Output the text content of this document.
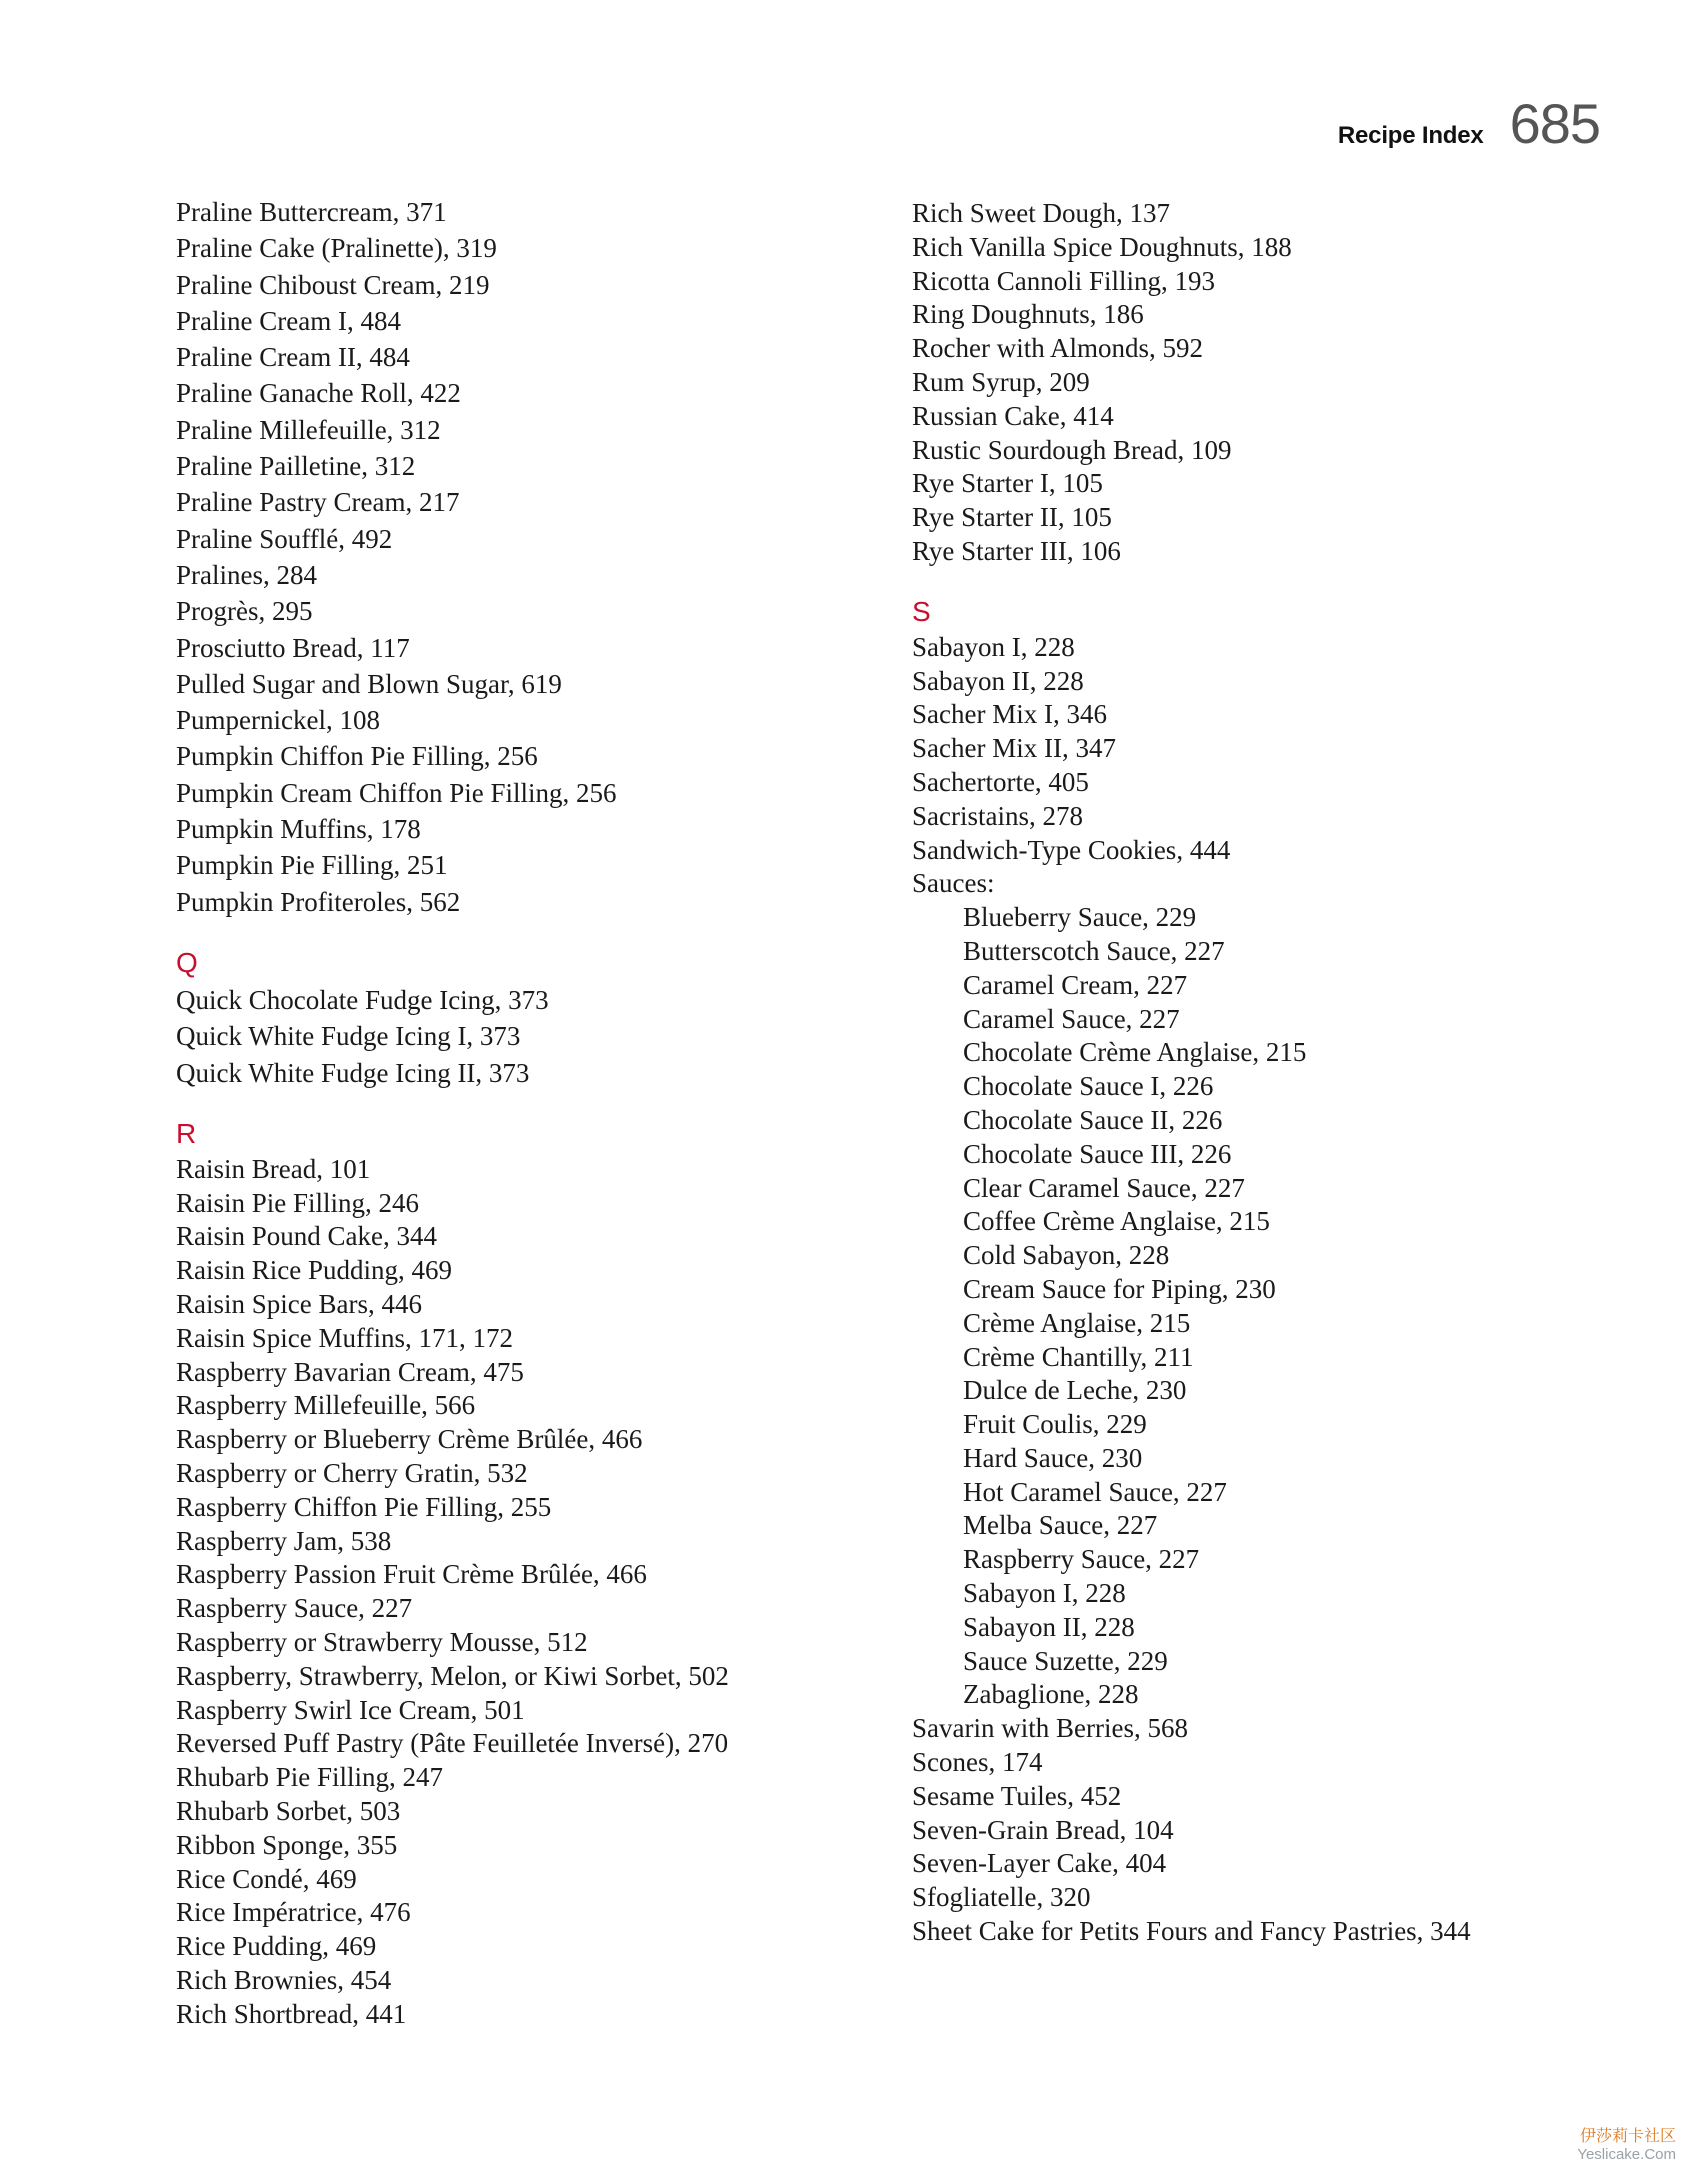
Recipe Index 685
Praline Buttercream, 371
Praline Cake (Pralinette), 319
Praline Chiboust Cream, 219
Praline Cream I, 484
Praline Cream II, 484
Praline Ganache Roll, 422
Praline Millefeuille, 312
Praline Pailletine, 312
Praline Pastry Cream, 217
Praline Soufflé, 492
Pralines, 284
Progrès, 295
Prosciutto Bread, 117
Pulled Sugar and Blown Sugar, 619
Pumpernickel, 108
Pumpkin Chiffon Pie Filling, 256
Pumpkin Cream Chiffon Pie Filling, 256
Pumpkin Muffins, 178
Pumpkin Pie Filling, 251
Pumpkin Profiteroles, 562
Q
Quick Chocolate Fudge Icing, 373
Quick White Fudge Icing I, 373
Quick White Fudge Icing II, 373
R
Raisin Bread, 101
Raisin Pie Filling, 246
Raisin Pound Cake, 344
Raisin Rice Pudding, 469
Raisin Spice Bars, 446
Raisin Spice Muffins, 171, 172
Raspberry Bavarian Cream, 475
Raspberry Millefeuille, 566
Raspberry or Blueberry Crème Brûlée, 466
Raspberry or Cherry Gratin, 532
Raspberry Chiffon Pie Filling, 255
Raspberry Jam, 538
Raspberry Passion Fruit Crème Brûlée, 466
Raspberry Sauce, 227
Raspberry or Strawberry Mousse, 512
Raspberry, Strawberry, Melon, or Kiwi Sorbet, 502
Raspberry Swirl Ice Cream, 501
Reversed Puff Pastry (Pâte Feuilletée Inversé), 270
Rhubarb Pie Filling, 247
Rhubarb Sorbet, 503
Ribbon Sponge, 355
Rice Condé, 469
Rice Impératrice, 476
Rice Pudding, 469
Rich Brownies, 454
Rich Shortbread, 441
Rich Sweet Dough, 137
Rich Vanilla Spice Doughnuts, 188
Ricotta Cannoli Filling, 193
Ring Doughnuts, 186
Rocher with Almonds, 592
Rum Syrup, 209
Russian Cake, 414
Rustic Sourdough Bread, 109
Rye Starter I, 105
Rye Starter II, 105
Rye Starter III, 106
S
Sabayon I, 228
Sabayon II, 228
Sacher Mix I, 346
Sacher Mix II, 347
Sachertorte, 405
Sacristains, 278
Sandwich-Type Cookies, 444
Sauces:
Blueberry Sauce, 229
Butterscotch Sauce, 227
Caramel Cream, 227
Caramel Sauce, 227
Chocolate Crème Anglaise, 215
Chocolate Sauce I, 226
Chocolate Sauce II, 226
Chocolate Sauce III, 226
Clear Caramel Sauce, 227
Coffee Crème Anglaise, 215
Cold Sabayon, 228
Cream Sauce for Piping, 230
Crème Anglaise, 215
Crème Chantilly, 211
Dulce de Leche, 230
Fruit Coulis, 229
Hard Sauce, 230
Hot Caramel Sauce, 227
Melba Sauce, 227
Raspberry Sauce, 227
Sabayon I, 228
Sabayon II, 228
Sauce Suzette, 229
Zabaglione, 228
Savarin with Berries, 568
Scones, 174
Sesame Tuiles, 452
Seven-Grain Bread, 104
Seven-Layer Cake, 404
Sfogliatelle, 320
Sheet Cake for Petits Fours and Fancy Pastries, 344
伊莎莉卡社区
Yeslicake.Com
